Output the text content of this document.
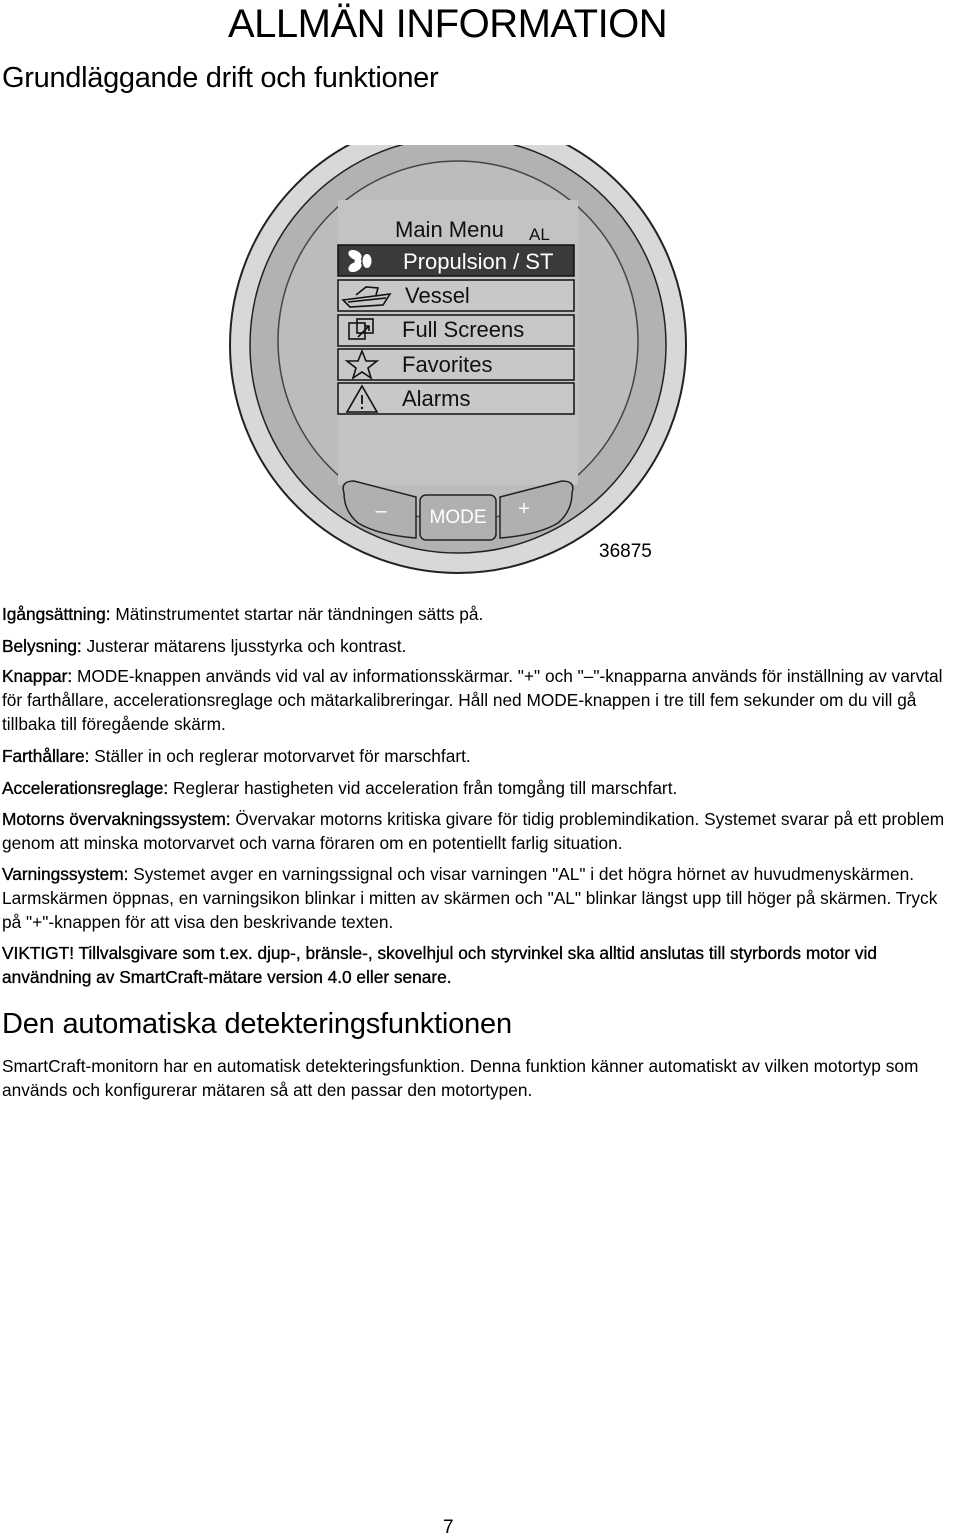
ALLMÄN INFORMATION
Grundläggande drift och funktioner
Main Menu AL
Propulsion / ST
Vessel
Full Screens
Favorites
Alarms
– MODE +
36875
Igångsättning: Mätinstrumentet startar när tändningen sätts på.
Belysning: Justerar mätarens ljusstyrka och kontrast.
Knappar: MODE-knappen används vid val av informationsskärmar. "+" och "–"-knapparna används för inställning av varvtal för farthållare, accelerationsreglage och mätarkalibreringar. Håll ned MODE-knappen i tre till fem sekunder om du vill gå tillbaka till föregående skärm.
Farthållare: Ställer in och reglerar motorvarvet för marschfart.
Accelerationsreglage: Reglerar hastigheten vid acceleration från tomgång till marschfart.
Motorns övervakningssystem: Övervakar motorns kritiska givare för tidig problemindikation. Systemet svarar på ett problem genom att minska motorvarvet och varna föraren om en potentiellt farlig situation.
Varningssystem: Systemet avger en varningssignal och visar varningen "AL" i det högra hörnet av huvudmenyskärmen. Larmskärmen öppnas, en varningsikon blinkar i mitten av skärmen och "AL" blinkar längst upp till höger på skärmen. Tryck på "+"-knappen för att visa den beskrivande texten.
VIKTIGT! Tillvalsgivare som t.ex. djup-, bränsle-, skovelhjul och styrvinkel ska alltid anslutas till styrbords motor vid användning av SmartCraft-mätare version 4.0 eller senare.
Den automatiska detekteringsfunktionen
SmartCraft-monitorn har en automatisk detekteringsfunktion. Denna funktion känner automatiskt av vilken motortyp som används och konfigurerar mätaren så att den passar den motortypen.
7
